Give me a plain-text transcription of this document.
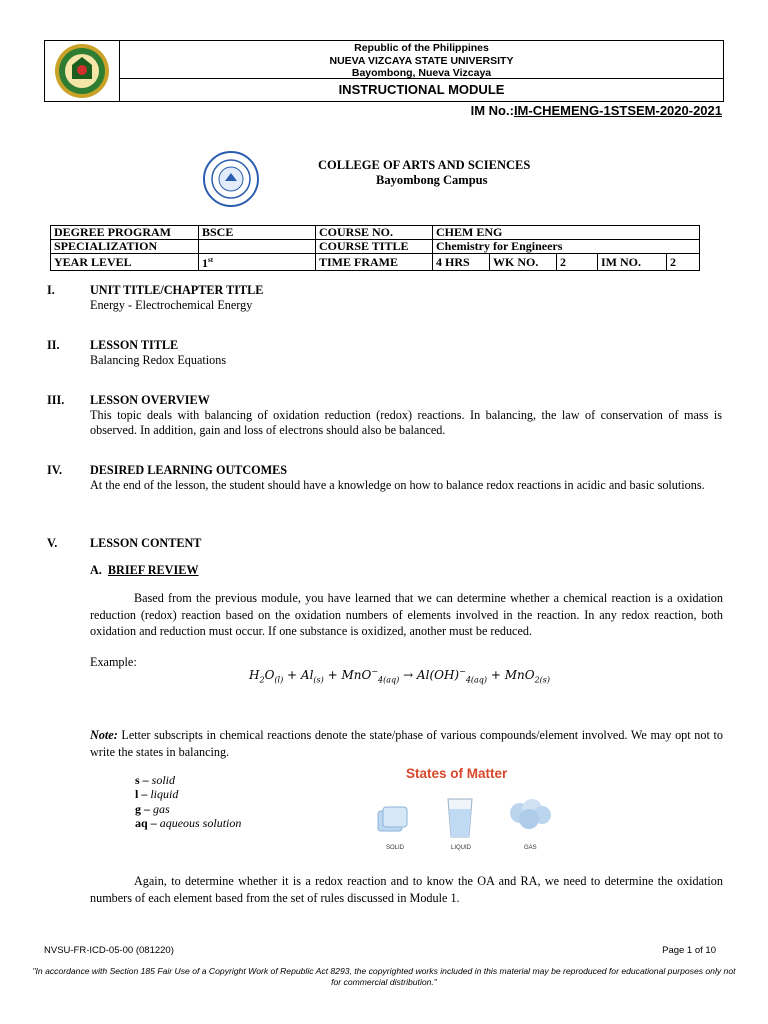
Republic of the Philippines
NUEVA VIZCAYA STATE UNIVERSITY
Bayombong, Nueva Vizcaya
INSTRUCTIONAL MODULE
IM No.:IM-CHEMENG-1STSEM-2020-2021
COLLEGE OF ARTS AND SCIENCES
Bayombong Campus
DEGREE PROGRAM	BSCE	COURSE NO.	CHEM ENG				
SPECIALIZATION		COURSE TITLE	Chemistry for Engineers				
YEAR LEVEL	1st	TIME FRAME	4 HRS	WK NO.	2	IM NO.	2
I.	UNIT TITLE/CHAPTER TITLE
Energy - Electrochemical Energy
II. LESSON TITLE
Balancing Redox Equations
III. LESSON OVERVIEW
This topic deals with balancing of oxidation reduction (redox) reactions. In balancing, the law of conservation of mass is observed. In addition, gain and loss of electrons should also be balanced.
IV. DESIRED LEARNING OUTCOMES
At the end of the lesson, the student should have a knowledge on how to balance redox reactions in acidic and basic solutions.
V.	LESSON CONTENT
A. BRIEF REVIEW
Based from the previous module, you have learned that we can determine whether a chemical reaction is a oxidation reduction (redox) reaction based on the oxidation numbers of elements involved in the reaction. In any redox reaction, both oxidation and reduction must occur. If one substance is oxidized, another must be reduced.
Example:
$H_2O_{(l)} + Al_{(s)} + MnO^-_{4(aq)} \to Al(OH)^-_{4(aq)} + MnO_{2(s)}$
Note: Letter subscripts in chemical reactions denote the state/phase of various compounds/element involved. We may opt not to write the states in balancing.
s – solid
l – liquid
g – gas
aq – aqueous solution
States of Matter
SOLID	LIQUID	GAS
Again, to determine whether it is a redox reaction and to know the OA and RA, we need to determine the oxidation numbers of each element based from the set of rules discussed in Module 1.
NVSU-FR-ICD-05-00 (081220)	Page 1 of 10
"In accordance with Section 185 Fair Use of a Copyright Work of Republic Act 8293, the copyrighted works included in this material may be reproduced for educational purposes only not for commercial distribution."
